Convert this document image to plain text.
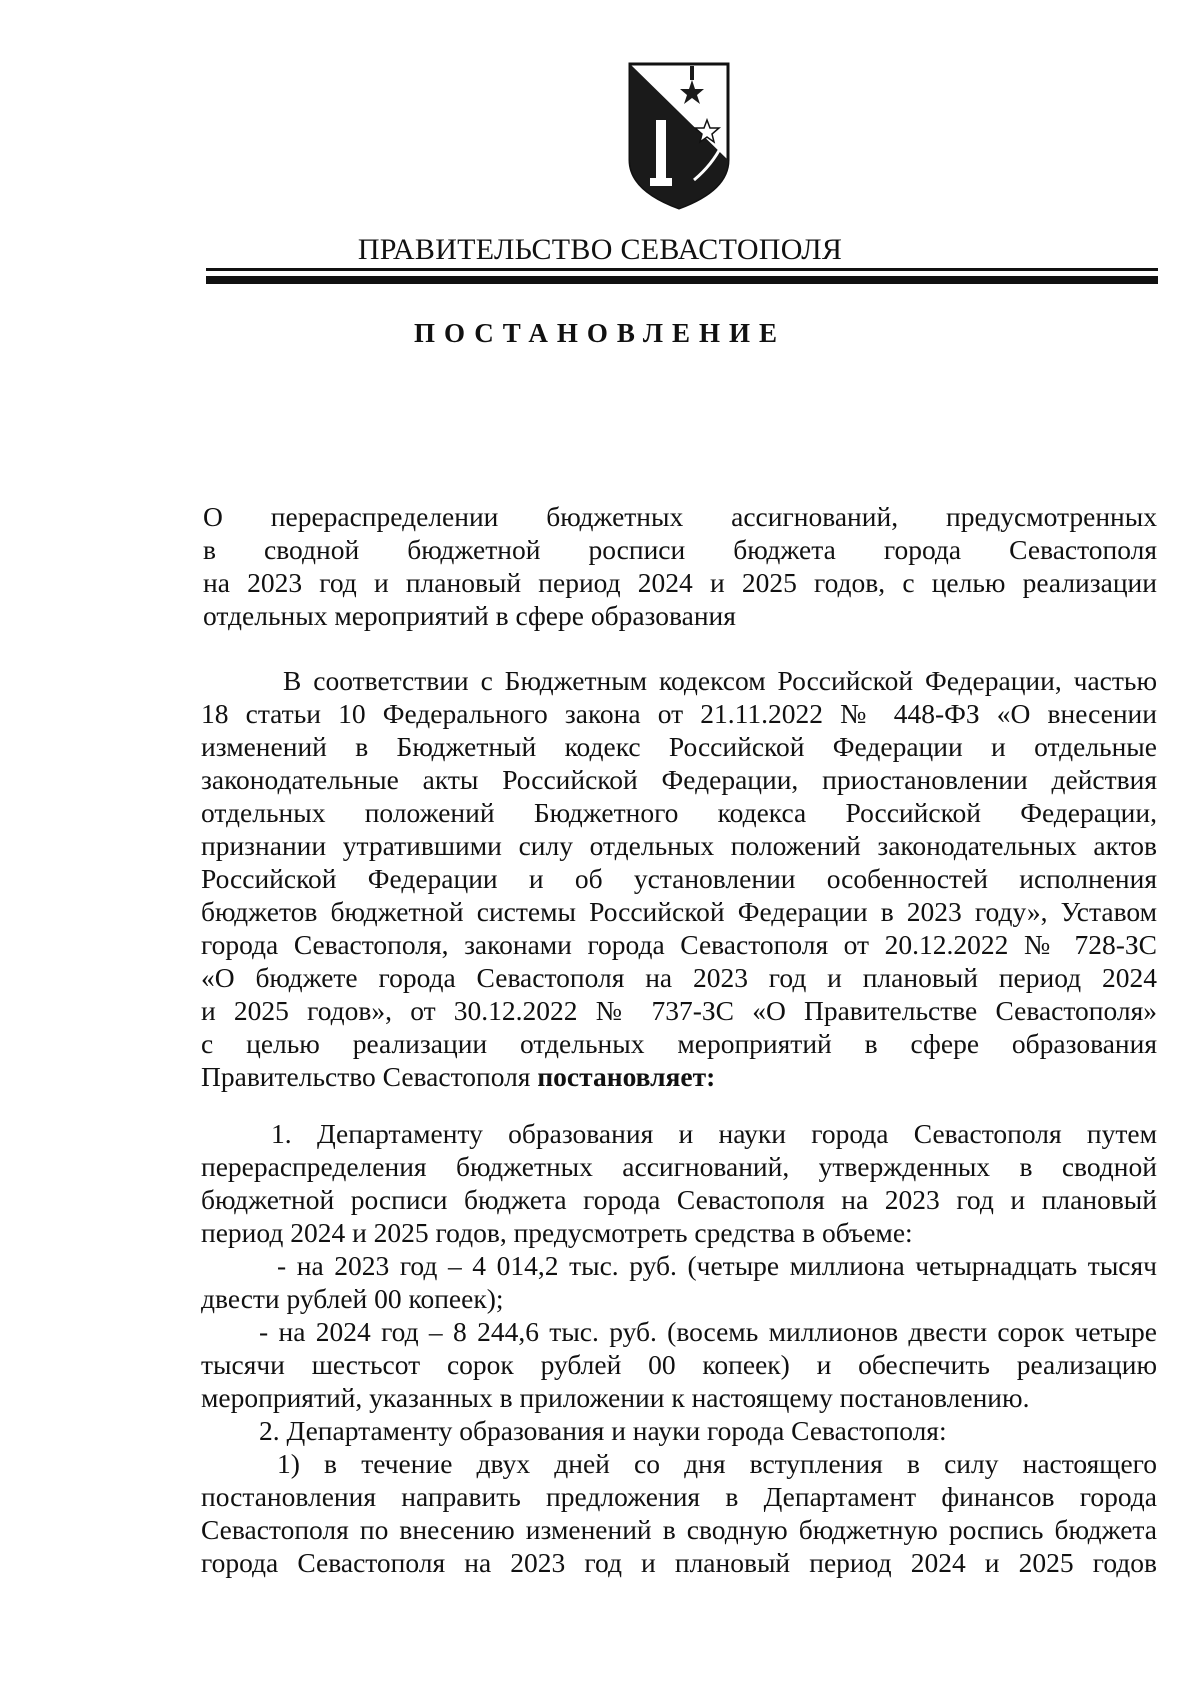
ПРАВИТЕЛЬСТВО СЕВАСТОПОЛЯ
ПОСТАНОВЛЕНИЕ
О перераспределении бюджетных ассигнований, предусмотренных
в сводной бюджетной росписи бюджета города Севастополя
на 2023 год и плановый период 2024 и 2025 годов, с целью реализации
отдельных мероприятий в сфере образования
В соответствии с Бюджетным кодексом Российской Федерации, частью
18 статьи 10 Федерального закона от 21.11.2022 № 448-ФЗ «О внесении
изменений в Бюджетный кодекс Российской Федерации и отдельные
законодательные акты Российской Федерации, приостановлении действия
отдельных положений Бюджетного кодекса Российской Федерации,
признании утратившими силу отдельных положений законодательных актов
Российской Федерации и об установлении особенностей исполнения
бюджетов бюджетной системы Российской Федерации в 2023 году», Уставом
города Севастополя, законами города Севастополя от 20.12.2022 № 728-ЗС
«О бюджете города Севастополя на 2023 год и плановый период 2024
и 2025 годов», от 30.12.2022 № 737-ЗС «О Правительстве Севастополя»
с целью реализации отдельных мероприятий в сфере образования
Правительство Севастополя постановляет:
1. Департаменту образования и науки города Севастополя путем
перераспределения бюджетных ассигнований, утвержденных в сводной
бюджетной росписи бюджета города Севастополя на 2023 год и плановый
период 2024 и 2025 годов, предусмотреть средства в объеме:
- на 2023 год – 4 014,2 тыс. руб. (четыре миллиона четырнадцать тысяч
двести рублей 00 копеек);
- на 2024 год – 8 244,6 тыс. руб. (восемь миллионов двести сорок четыре
тысячи шестьсот сорок рублей 00 копеек) и обеспечить реализацию
мероприятий, указанных в приложении к настоящему постановлению.
2. Департаменту образования и науки города Севастополя:
1) в течение двух дней со дня вступления в силу настоящего
постановления направить предложения в Департамент финансов города
Севастополя по внесению изменений в сводную бюджетную роспись бюджета
города Севастополя на 2023 год и плановый период 2024 и 2025 годов
